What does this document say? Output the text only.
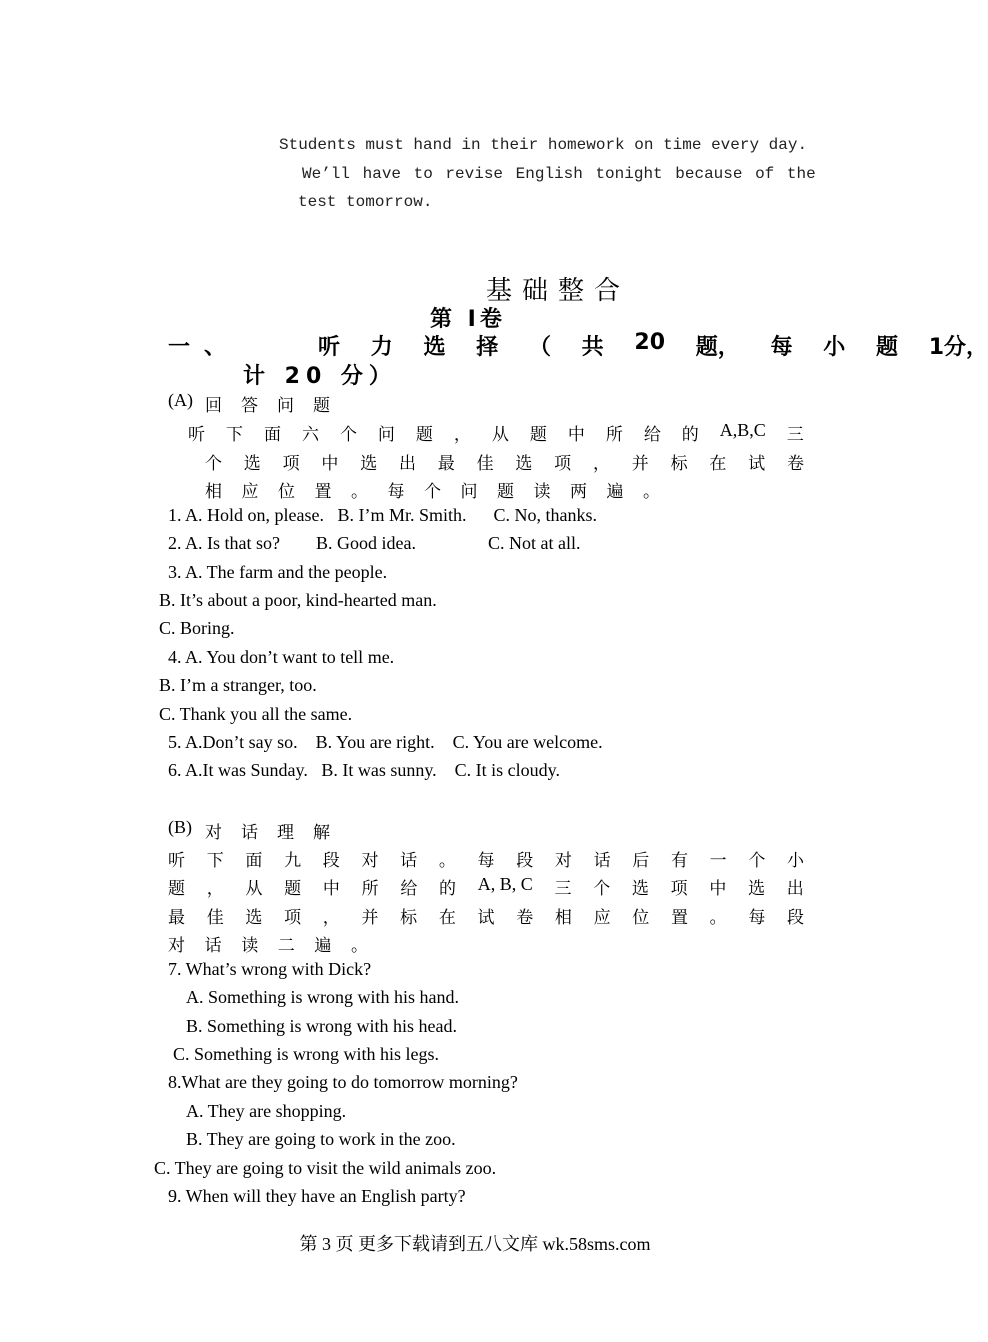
Students must hand in their homework on time every day.
We’ll have to revise English tonight because of the
test tomorrow.
基础整合
第 I卷
一、	听 力 选 择 （ 共 20 题， 每 小 题 1分，
计 20 分）
(A) 回答问题
听 下 面 六 个 问 题 ， 从 题 中 所 给 的 A,B,C 三
个 选 项 中 选 出 最 佳 选 项 ， 并 标 在 试 卷
相 应 位 置 。 每 个 问 题 读 两 遍 。
1. A. Hold on, please.   B. I’m Mr. Smith.      C. No, thanks.
2. A. Is that so?        B. Good idea.                C. Not at all.
3. A. The farm and the people.
B. It’s about a poor, kind-hearted man.
C. Boring.
4. A. You don’t want to tell me.
B. I’m a stranger, too.
C. Thank you all the same.
5. A.Don’t say so.    B. You are right.    C. You are welcome.
6. A.It was Sunday.   B. It was sunny.    C. It is cloudy.
(B) 对话理解
听 下 面 九 段 对 话 。 每 段 对 话 后 有 一 个 小
题 ， 从 题 中 所 给 的 A, B, C 三 个 选 项 中 选 出
最 佳 选 项 ， 并 标 在 试 卷 相 应 位 置 。 每 段
对 话 读 二 遍 。
7. What’s wrong with Dick?
A. Something is wrong with his hand.
B. Something is wrong with his head.
C. Something is wrong with his legs.
8.What are they going to do tomorrow morning?
A. They are shopping.
B. They are going to work in the zoo.
C. They are going to visit the wild animals zoo.
9. When will they have an English party?
第 3 页 更多下载请到五八文库 wk.58sms.com
